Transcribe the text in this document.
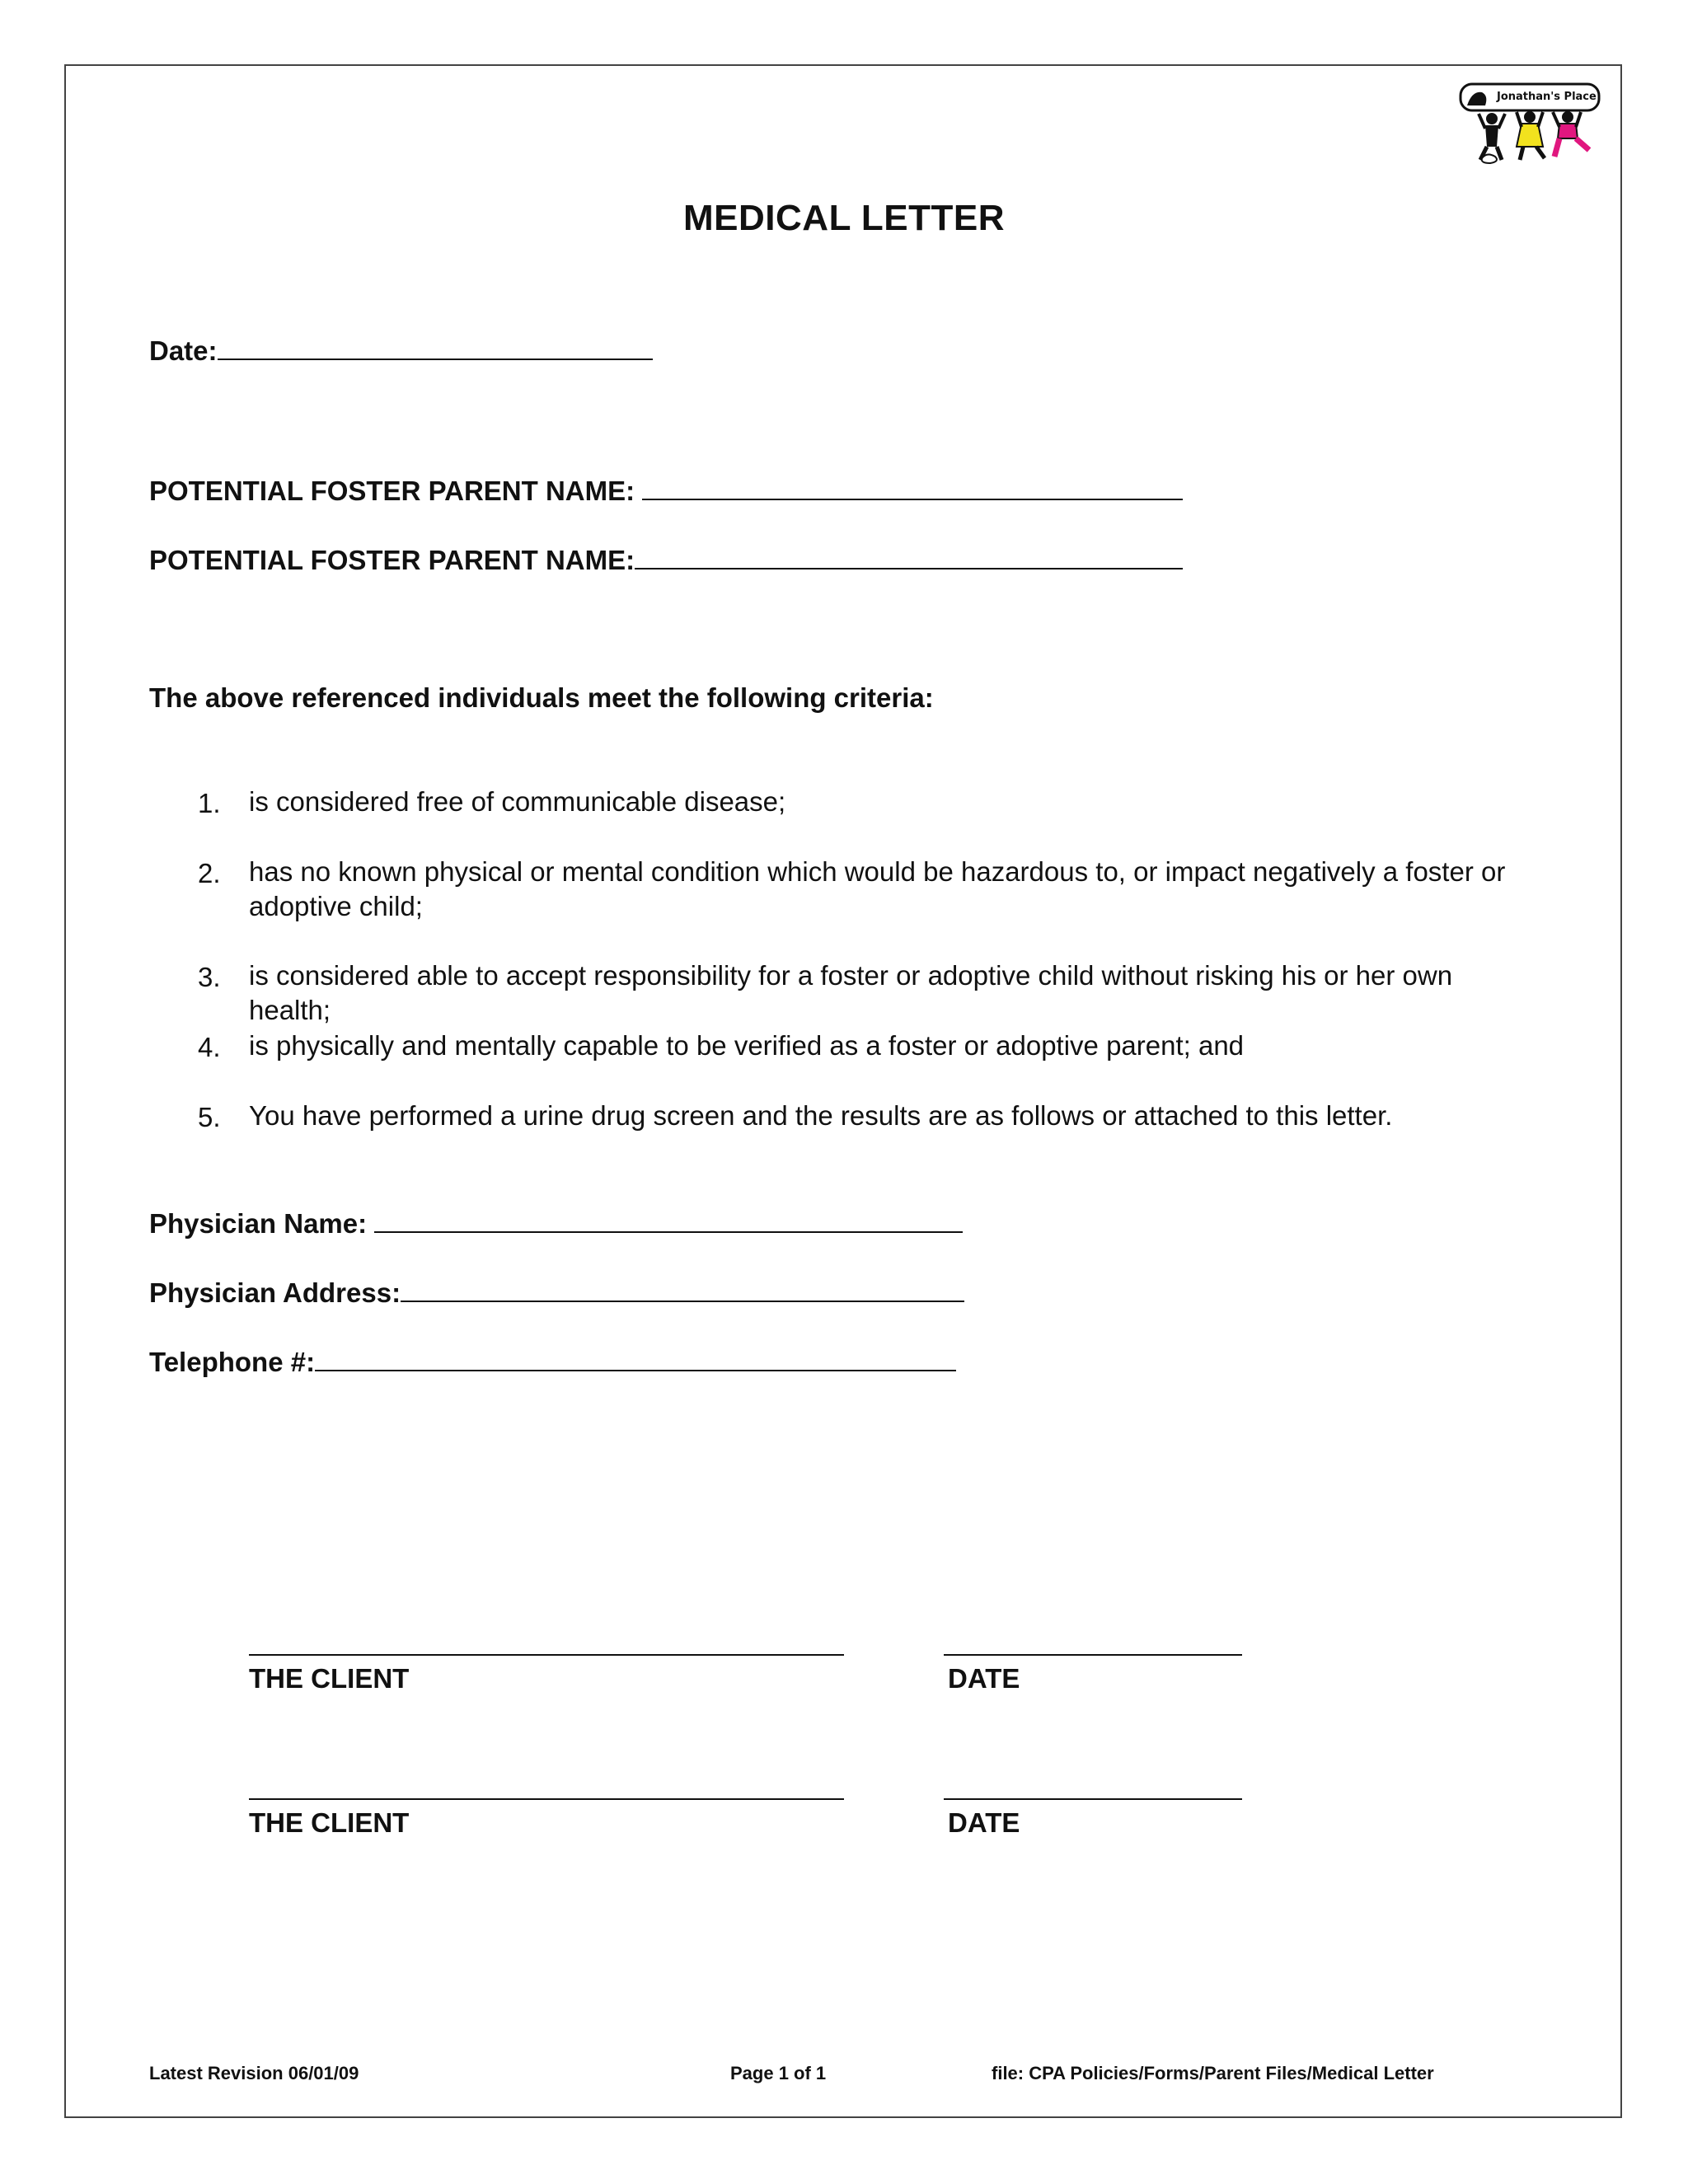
Jonathan's Place
MEDICAL LETTER
Date:
POTENTIAL FOSTER PARENT NAME:
POTENTIAL FOSTER PARENT NAME:
The above referenced individuals meet the following criteria:
1. is considered free of communicable disease;
2. has no known physical or mental condition which would be hazardous to, or impact negatively a foster or adoptive child;
3. is considered able to accept responsibility for a foster or adoptive child without risking his or her own health;
4. is physically and mentally capable to be verified as a foster or adoptive parent; and
5. You have performed a urine drug screen and the results are as follows or attached to this letter.
Physician Name:
Physician Address:
Telephone #:
THE CLIENT	DATE
THE CLIENT	DATE
Latest Revision 06/01/09	Page 1 of 1	file: CPA Policies/Forms/Parent Files/Medical Letter
